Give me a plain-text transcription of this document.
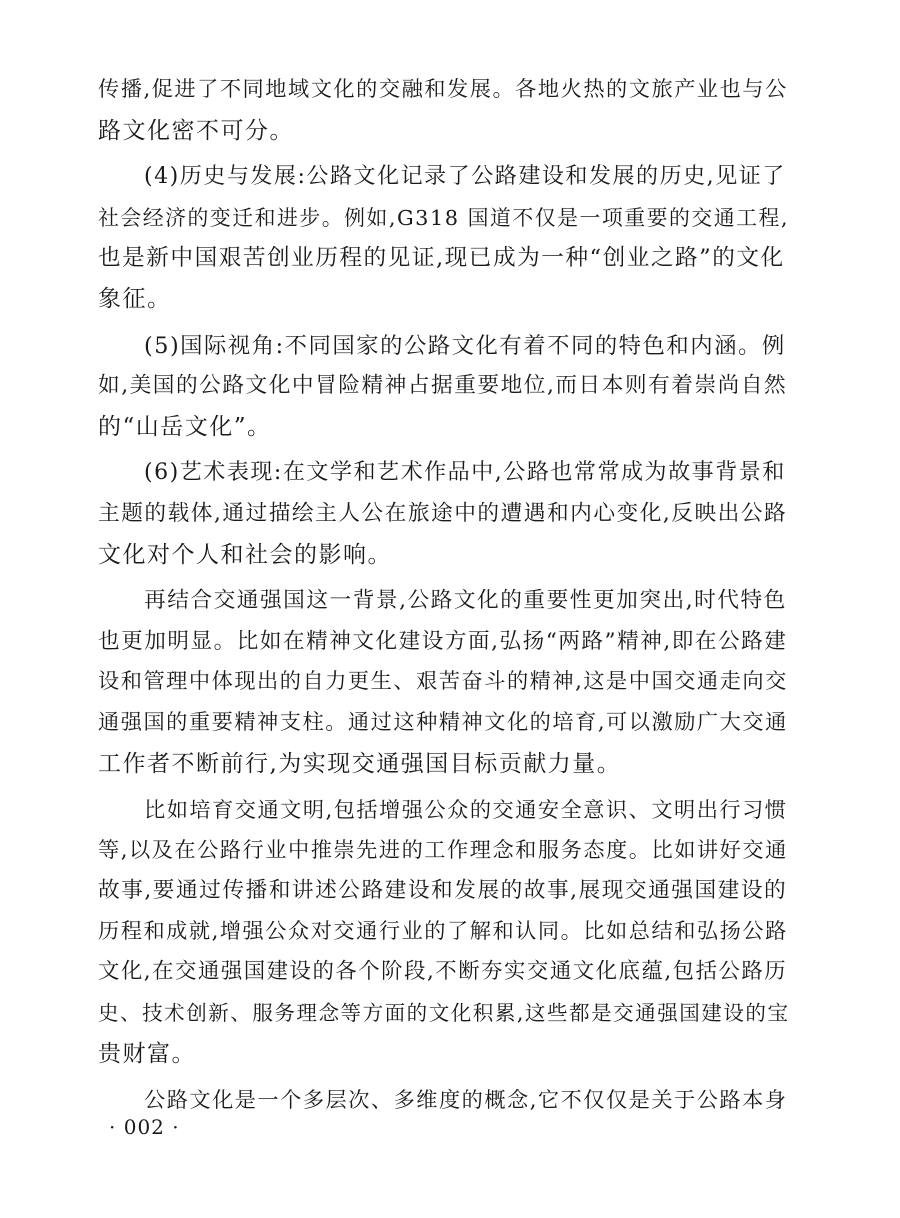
传播,促进了不同地域文化的交融和发展。各地火热的文旅产业也与公
路文化密不可分。
(4)历史与发展:公路文化记录了公路建设和发展的历史,见证了
社会经济的变迁和进步。例如,G318 国道不仅是一项重要的交通工程,
也是新中国艰苦创业历程的见证,现已成为一种“创业之路”的文化
象征。
(5)国际视角:不同国家的公路文化有着不同的特色和内涵。例
如,美国的公路文化中冒险精神占据重要地位,而日本则有着崇尚自然
的“山岳文化”。
(6)艺术表现:在文学和艺术作品中,公路也常常成为故事背景和
主题的载体,通过描绘主人公在旅途中的遭遇和内心变化,反映出公路
文化对个人和社会的影响。
再结合交通强国这一背景,公路文化的重要性更加突出,时代特色
也更加明显。比如在精神文化建设方面,弘扬“两路”精神,即在公路建
设和管理中体现出的自力更生、艰苦奋斗的精神,这是中国交通走向交
通强国的重要精神支柱。通过这种精神文化的培育,可以激励广大交通
工作者不断前行,为实现交通强国目标贡献力量。
比如培育交通文明,包括增强公众的交通安全意识、文明出行习惯
等,以及在公路行业中推崇先进的工作理念和服务态度。比如讲好交通
故事,要通过传播和讲述公路建设和发展的故事,展现交通强国建设的
历程和成就,增强公众对交通行业的了解和认同。比如总结和弘扬公路
文化,在交通强国建设的各个阶段,不断夯实交通文化底蕴,包括公路历
史、技术创新、服务理念等方面的文化积累,这些都是交通强国建设的宝
贵财富。
公路文化是一个多层次、多维度的概念,它不仅仅是关于公路本身
· 002 ·
